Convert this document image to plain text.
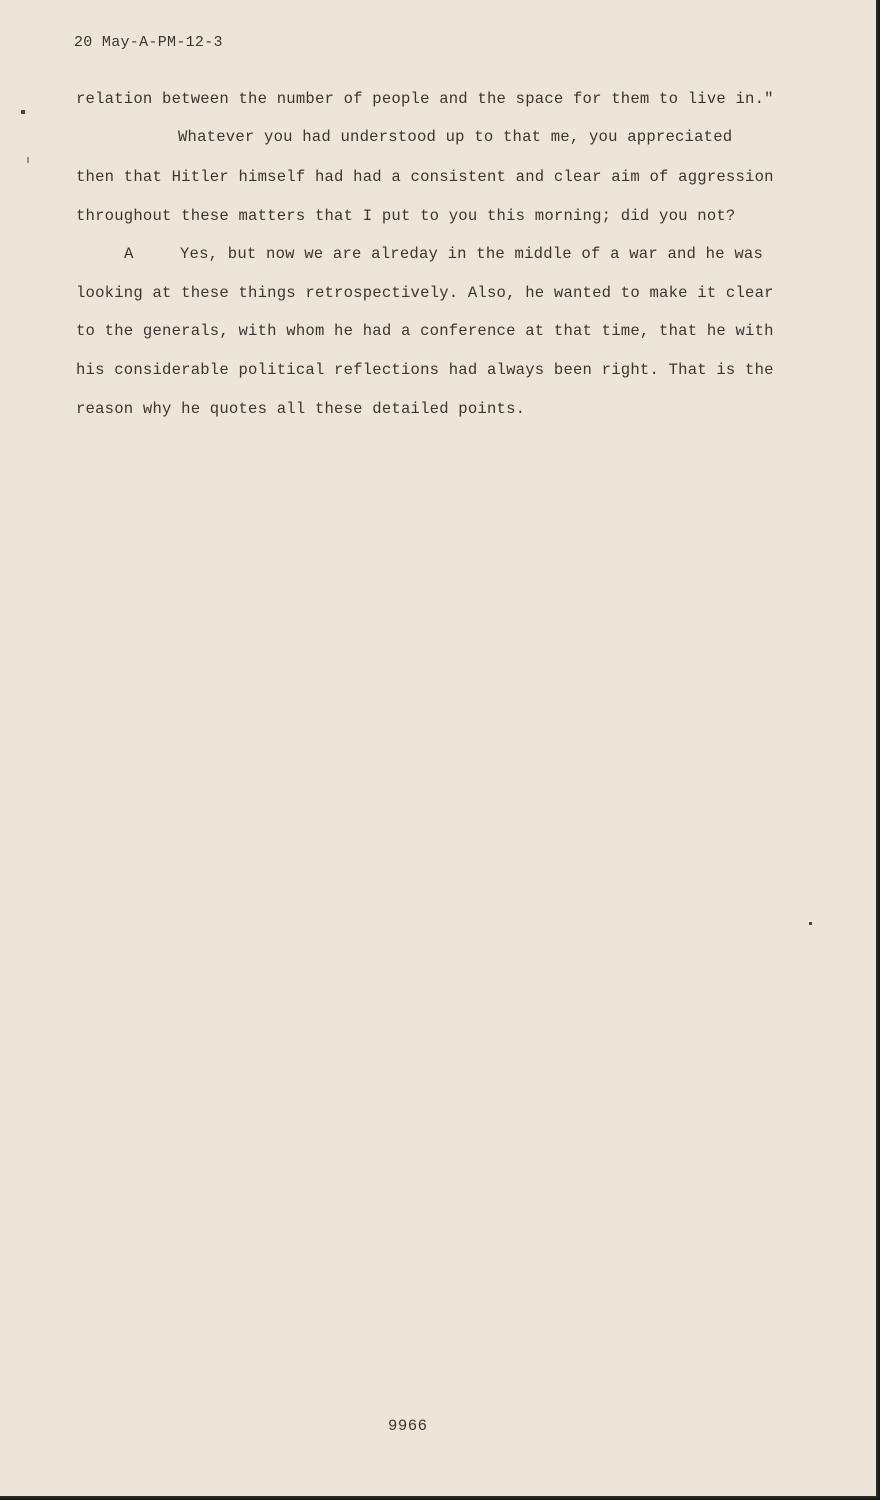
20 May-A-PM-12-3
relation between the number of people and the space for them to live in."
Whatever you had understood up to that me, you appreciated
then that Hitler himself had had a consistent and clear aim of aggression
throughout these matters that I put to you this morning; did you not?
A	Yes, but now we are alreday in the middle of a war and he was
looking at these things retrospectively. Also, he wanted to make it clear
to the generals, with whom he had a conference at that time, that he with
his considerable political reflections had always been right. That is the
reason why he quotes all these detailed points.
9966
